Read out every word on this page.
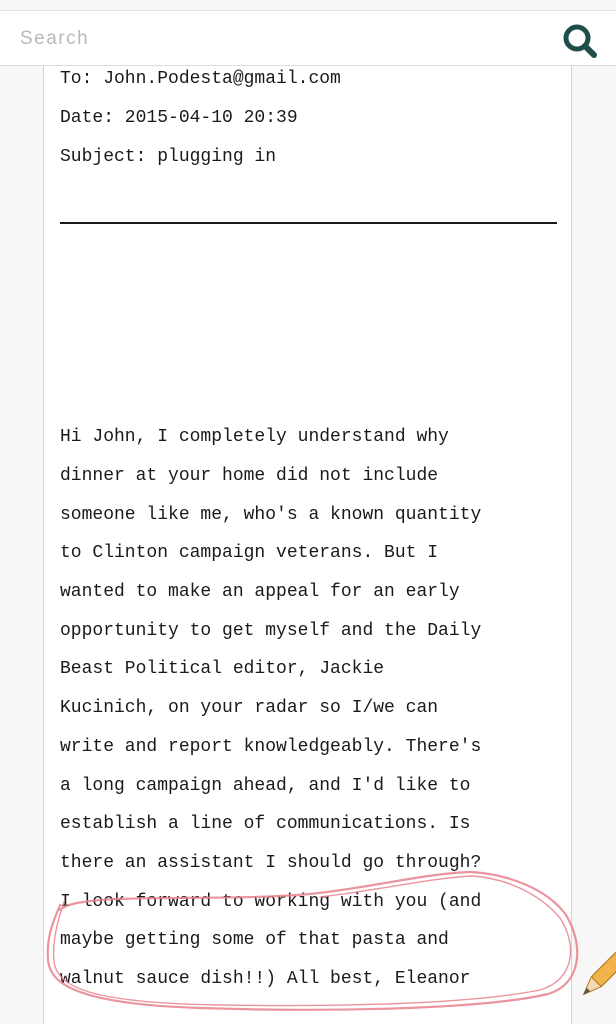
Search
To: John.Podesta@gmail.com
Date: 2015-04-10 20:39
Subject: plugging in
Hi John, I completely understand why
dinner at your home did not include
someone like me, who's a known quantity
to Clinton campaign veterans. But I
wanted to make an appeal for an early
opportunity to get myself and the Daily
Beast Political editor, Jackie
Kucinich, on your radar so I/we can
write and report knowledgeably. There's
a long campaign ahead, and I'd like to
establish a line of communications. Is
there an assistant I should go through?
I look forward to working with you (and
maybe getting some of that pasta and
walnut sauce dish!!) All best, Eleanor
